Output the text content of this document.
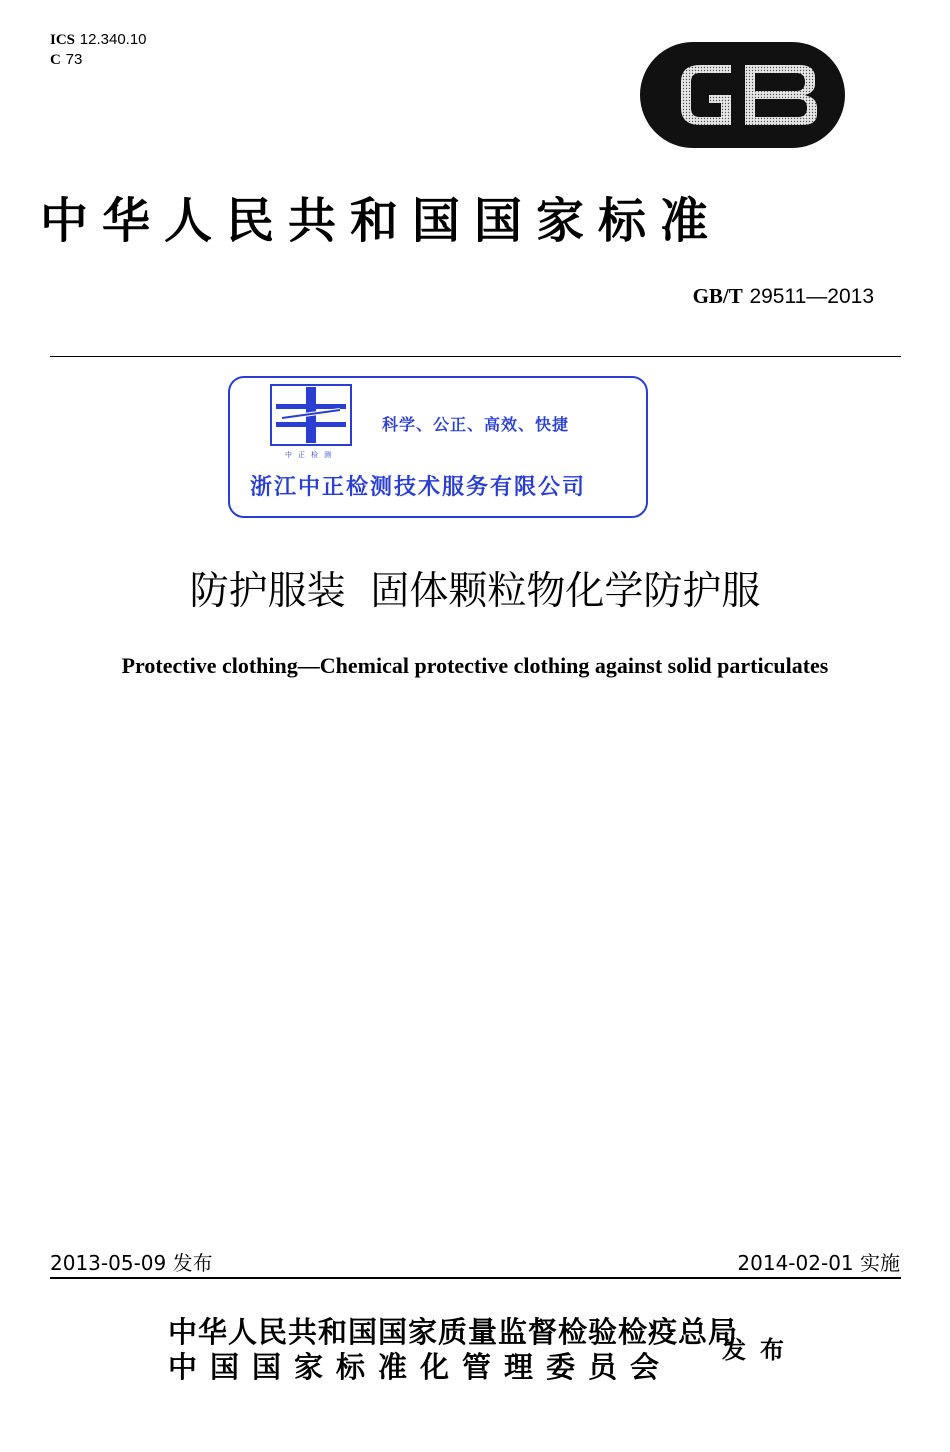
ICS 12.340.10
C 73
中华人民共和国国家标准
GB/T 29511—2013
中正检测
科学、公正、高效、快捷
浙江中正检测技术服务有限公司
防护服装  固体颗粒物化学防护服
Protective clothing—Chemical protective clothing against solid particulates
2013-05-09 发布	2014-02-01 实施
中华人民共和国国家质量监督检验检疫总局
中国国家标准化管理委员会
发布
